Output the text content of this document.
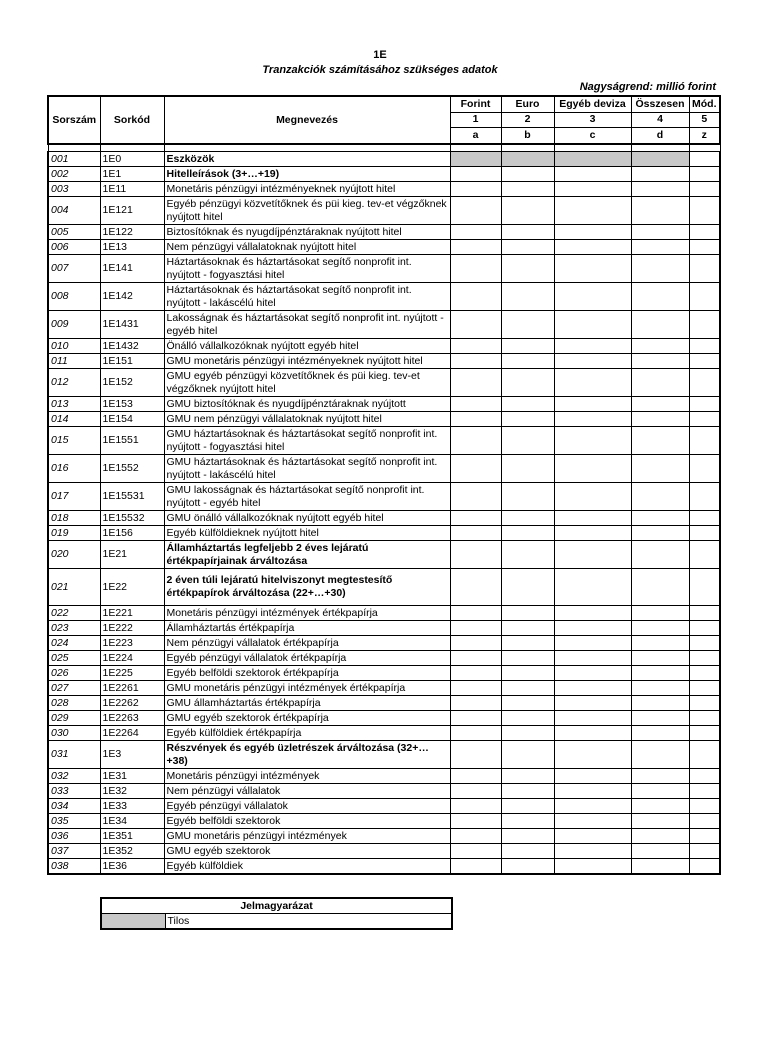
1E
Tranzakciók számításához szükséges adatok
Nagyságrend: millió forint
Sorszám	Sorkód	Megnevezés	Forint	Euro	Egyéb deviza	Összesen	Mód.
			1	2	3	4	5
			a	b	c	d	z

001	1E0	Eszközök					
002	1E1	Hitelleírások (3+…+19)					
003	1E11	Monetáris pénzügyi intézményeknek nyújtott hitel					
004	1E121	Egyéb pénzügyi közvetítőknek és püi kieg. tev-et végzőknek nyújtott hitel					
005	1E122	Biztosítóknak és nyugdíjpénztáraknak nyújtott hitel					
006	1E13	Nem pénzügyi vállalatoknak nyújtott hitel					
007	1E141	Háztartásoknak és háztartásokat segítő nonprofit int. nyújtott - fogyasztási hitel					
008	1E142	Háztartásoknak és háztartásokat segítő nonprofit int. nyújtott - lakáscélú hitel					
009	1E1431	Lakosságnak és háztartásokat segítő nonprofit int. nyújtott - egyéb hitel					
010	1E1432	Önálló vállalkozóknak nyújtott egyéb hitel					
011	1E151	GMU monetáris pénzügyi intézményeknek nyújtott hitel					
012	1E152	GMU egyéb pénzügyi közvetítőknek és püi kieg. tev-et végzőknek nyújtott hitel					
013	1E153	GMU biztosítóknak és nyugdíjpénztáraknak nyújtott					
014	1E154	GMU nem pénzügyi vállalatoknak nyújtott hitel					
015	1E1551	GMU háztartásoknak és háztartásokat segítő nonprofit int. nyújtott - fogyasztási hitel					
016	1E1552	GMU háztartásoknak és háztartásokat segítő nonprofit int. nyújtott - lakáscélú hitel					
017	1E15531	GMU lakosságnak és háztartásokat segítő nonprofit int. nyújtott - egyéb hitel					
018	1E15532	GMU önálló vállalkozóknak nyújtott egyéb hitel					
019	1E156	Egyéb külföldieknek nyújtott hitel					
020	1E21	Államháztartás legfeljebb 2 éves lejáratú értékpapírjainak árváltozása					
021	1E22	2 éven túli lejáratú hitelviszonyt megtestesítő értékpapírok árváltozása (22+…+30)					
022	1E221	Monetáris pénzügyi intézmények értékpapírja					
023	1E222	Államháztartás értékpapírja					
024	1E223	Nem pénzügyi vállalatok értékpapírja					
025	1E224	Egyéb pénzügyi vállalatok értékpapírja					
026	1E225	Egyéb belföldi szektorok értékpapírja					
027	1E2261	GMU monetáris pénzügyi intézmények értékpapírja					
028	1E2262	GMU államháztartás értékpapírja					
029	1E2263	GMU egyéb szektorok értékpapírja					
030	1E2264	Egyéb külföldiek értékpapírja					
031	1E3	Részvények és egyéb üzletrészek árváltozása (32+…+38)					
032	1E31	Monetáris pénzügyi intézmények					
033	1E32	Nem pénzügyi vállalatok					
034	1E33	Egyéb pénzügyi vállalatok					
035	1E34	Egyéb belföldi szektorok					
036	1E351	GMU monetáris pénzügyi intézmények					
037	1E352	GMU egyéb szektorok					
038	1E36	Egyéb külföldiek					
Jelmagyarázat
	Tilos
